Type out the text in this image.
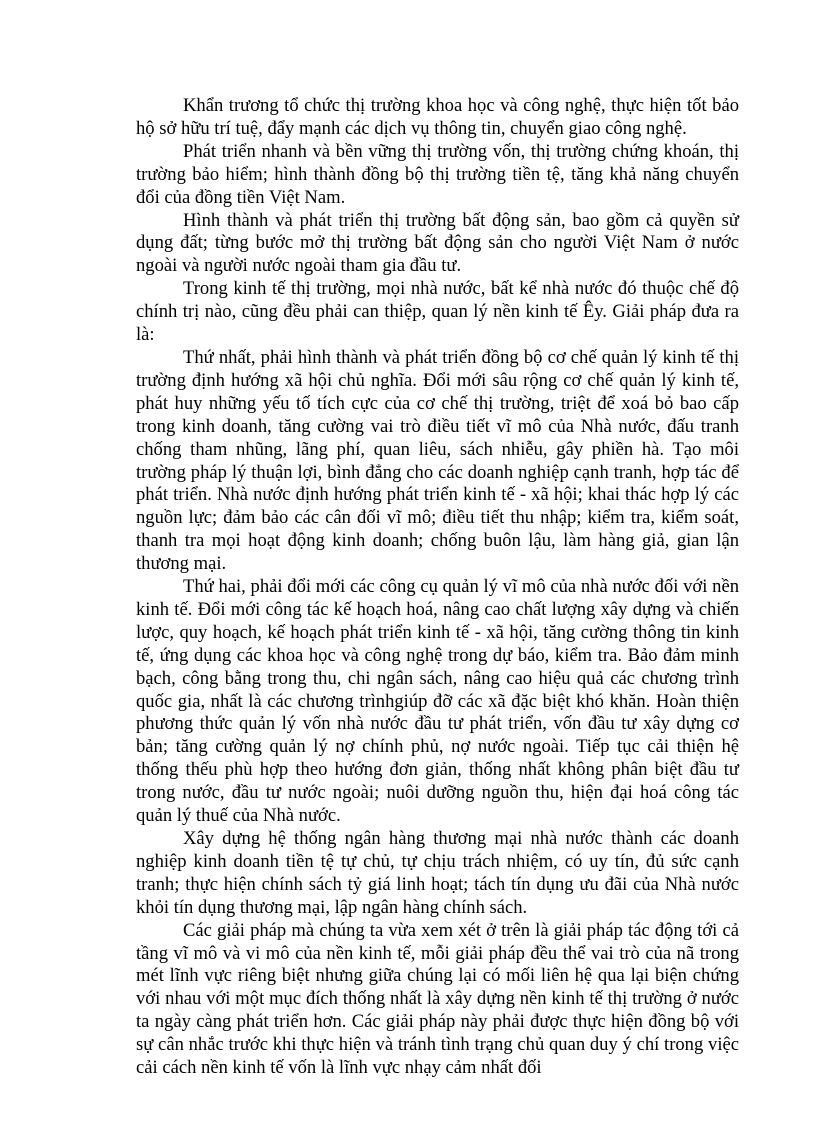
Khẩn trương tổ chức thị trường khoa học và công nghệ, thực hiện tốt bảo hộ sở hữu trí tuệ, đẩy mạnh các dịch vụ thông tin, chuyển giao công nghệ.

Phát triển nhanh và bền vững thị trường vốn, thị trường chứng khoán, thị trường bảo hiểm; hình thành đồng bộ thị trường tiền tệ, tăng khả năng chuyển đổi của đồng tiền Việt Nam.

Hình thành và phát triển thị trường bất động sản, bao gồm cả quyền sử dụng đất; từng bước mở thị trường bất động sản cho người Việt Nam ở nước ngoài và người nước ngoài tham gia đầu tư.

Trong kinh tế thị trường, mọi nhà nước, bất kể nhà nước đó thuộc chế độ chính trị nào, cũng đều phải can thiệp, quan lý nền kinh tế Êy. Giải pháp đưa ra là:

Thứ nhất, phải hình thành và phát triển đồng bộ cơ chế quản lý kinh tế thị trường định hướng xã hội chủ nghĩa. Đổi mới sâu rộng cơ chế quản lý kinh tế, phát huy những yếu tố tích cực của cơ chế thị trường, triệt để xoá bỏ bao cấp trong kinh doanh, tăng cường vai trò điều tiết vĩ mô của Nhà nước, đấu tranh chống tham nhũng, lãng phí, quan liêu, sách nhiễu, gây phiền hà. Tạo môi trường pháp lý thuận lợi, bình đẳng cho các doanh nghiệp cạnh tranh, hợp tác để phát triển. Nhà nước định hướng phát triển kinh tế - xã hội; khai thác hợp lý các nguồn lực; đảm bảo các cân đối vĩ mô; điều tiết thu nhập; kiểm tra, kiểm soát, thanh tra mọi hoạt động kinh doanh; chống buôn lậu, làm hàng giả, gian lận thương mại.

Thứ hai, phải đổi mới các công cụ quản lý vĩ mô của nhà nước đối với nền kinh tế. Đổi mới công tác kế hoạch hoá, nâng cao chất lượng xây dựng và chiến lược, quy hoạch, kế hoạch phát triển kinh tế - xã hội, tăng cường thông tin kinh tế, ứng dụng các khoa học và công nghệ trong dự báo, kiểm tra. Bảo đảm minh bạch, công bằng trong thu, chi ngân sách, nâng cao hiệu quả các chương trình quốc gia, nhất là các chương trìnhgiúp đỡ các xã đặc biệt khó khăn. Hoàn thiện phương thức quản lý vốn nhà nước đầu tư phát triển, vốn đầu tư xây dựng cơ bản; tăng cường quản lý nợ chính phủ, nợ nước ngoài. Tiếp tục cải thiện hệ thống thếu phù hợp theo hướng đơn giản, thống nhất không phân biệt đầu tư trong nước, đầu tư nước ngoài; nuôi dưỡng nguồn thu, hiện đại hoá công tác quản lý thuế của Nhà nước.

Xây dựng hệ thống ngân hàng thương mại nhà nước thành các doanh nghiệp kinh doanh tiền tệ tự chủ, tự chịu trách nhiệm, có uy tín, đủ sức cạnh tranh; thực hiện chính sách tỷ giá linh hoạt; tách tín dụng ưu đãi của Nhà nước khỏi tín dụng thương mại, lập ngân hàng chính sách.

Các giải pháp mà chúng ta vừa xem xét ở trên là giải pháp tác động tới cả tầng vĩ mô và vi mô của nền kinh tế, mỗi giải pháp đều thể vai trò của nã trong mét lĩnh vực riêng biệt nhưng giữa chúng lại có mối liên hệ qua lại biện chứng với nhau với một mục đích thống nhất là xây dựng nền kinh tế thị trường ở nước ta ngày càng phát triển hơn. Các giải pháp này phải được thực hiện đồng bộ với sự cân nhắc trước khi thực hiện và tránh tình trạng chủ quan duy ý chí trong việc cải cách nền kinh tế vốn là lĩnh vực nhạy cảm nhất đối
